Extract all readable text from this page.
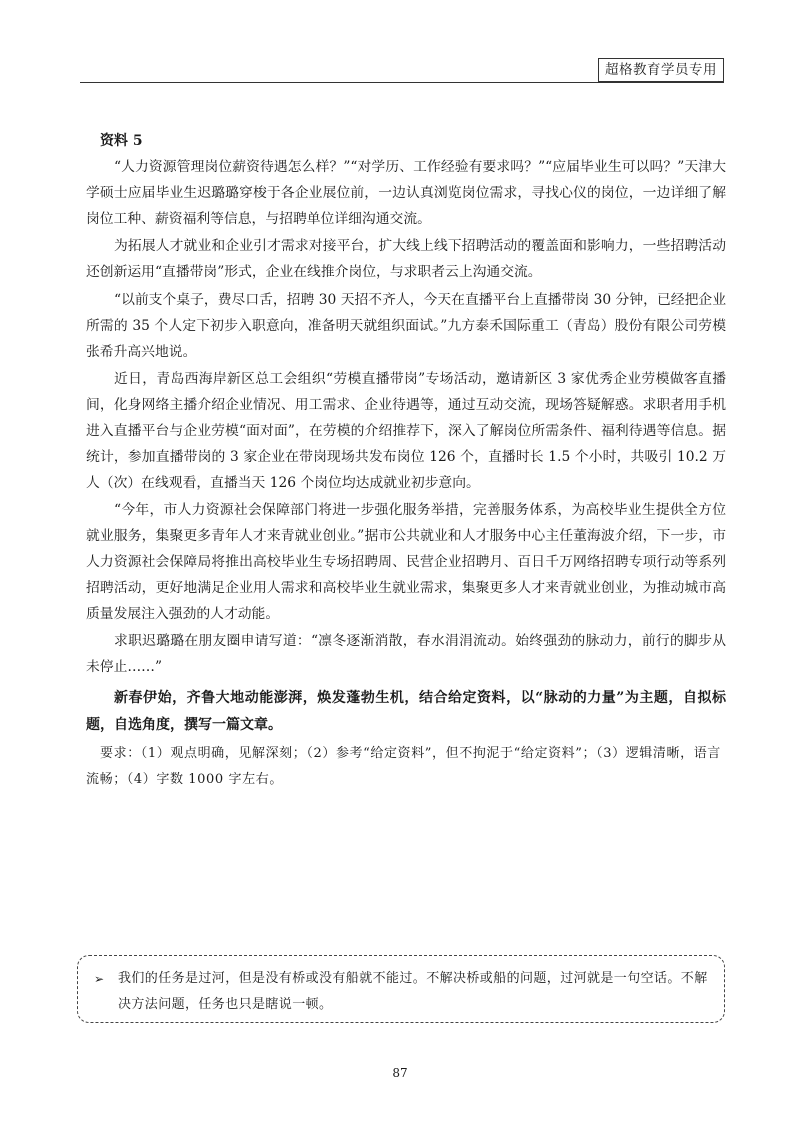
超格教育学员专用
资料 5

“人力资源管理岗位薪资待遇怎么样？”“对学历、工作经验有要求吗？”“应届毕业生可以吗？”天津大学硕士应届毕业生迟璐璐穿梭于各企业展位前，一边认真浏览岗位需求，寻找心仪的岗位，一边详细了解岗位工种、薪资福利等信息，与招聘单位详细沟通交流。

为拓展人才就业和企业引才需求对接平台，扩大线上线下招聘活动的覆盖面和影响力，一些招聘活动还创新运用“直播带岗”形式，企业在线推介岗位，与求职者云上沟通交流。

“以前支个桌子，费尽口舌，招聘 30 天招不齐人，今天在直播平台上直播带岗 30 分钟，已经把企业所需的 35 个人定下初步入职意向，准备明天就组织面试。”九方泰禾国际重工（青岛）股份有限公司劳模张希升高兴地说。

近日，青岛西海岸新区总工会组织“劳模直播带岗”专场活动，邀请新区 3 家优秀企业劳模做客直播间，化身网络主播介绍企业情况、用工需求、企业待遇等，通过互动交流，现场答疑解惑。求职者用手机进入直播平台与企业劳模“面对面”，在劳模的介绍推荐下，深入了解岗位所需条件、福利待遇等信息。据统计，参加直播带岗的 3 家企业在带岗现场共发布岗位 126 个，直播时长 1.5 个小时，共吸引 10.2 万人（次）在线观看，直播当天 126 个岗位均达成就业初步意向。

“今年，市人力资源社会保障部门将进一步强化服务举措，完善服务体系，为高校毕业生提供全方位就业服务，集聚更多青年人才来青就业创业。”据市公共就业和人才服务中心主任董海波介绍，下一步，市人力资源社会保障局将推出高校毕业生专场招聘周、民营企业招聘月、百日千万网络招聘专项行动等系列招聘活动，更好地满足企业用人需求和高校毕业生就业需求，集聚更多人才来青就业创业，为推动城市高质量发展注入强劲的人才动能。

求职迟璐璐在朋友圈申请写道：“凛冬逐渐消散，春水涓涓流动。始终强劲的脉动力，前行的脚步从未停止……”

新春伊始，齐鲁大地动能澎湃，焕发蓬勃生机，结合给定资料，以“脉动的力量”为主题，自拟标题，自选角度，撰写一篇文章。

要求：（1）观点明确，见解深刻；（2）参考“给定资料”，但不拘泥于“给定资料”；（3）逻辑清晰，语言流畅；（4）字数 1000 字左右。

➢ 我们的任务是过河，但是没有桥或没有船就不能过。不解决桥或船的问题，过河就是一句空话。不解决方法问题，任务也只是瞎说一顿。
87
